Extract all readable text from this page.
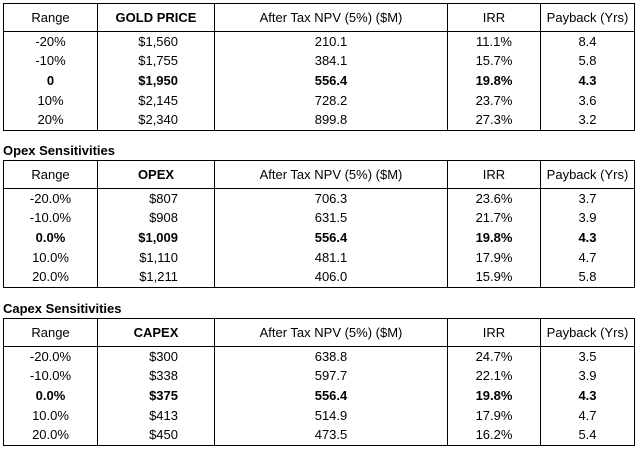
Range	GOLD PRICE	After Tax NPV (5%) ($M)	IRR	Payback (Yrs)
-20%	$1,560	210.1	11.1%	8.4
-10%	$1,755	384.1	15.7%	5.8
0	$1,950	556.4	19.8%	4.3
10%	$2,145	728.2	23.7%	3.6
20%	$2,340	899.8	27.3%	3.2
Opex Sensitivities
Range	OPEX	After Tax NPV (5%) ($M)	IRR	Payback (Yrs)
-20.0%	$807	706.3	23.6%	3.7
-10.0%	$908	631.5	21.7%	3.9
0.0%	$1,009	556.4	19.8%	4.3
10.0%	$1,110	481.1	17.9%	4.7
20.0%	$1,211	406.0	15.9%	5.8
Capex Sensitivities
Range	CAPEX	After Tax NPV (5%) ($M)	IRR	Payback (Yrs)
-20.0%	$300	638.8	24.7%	3.5
-10.0%	$338	597.7	22.1%	3.9
0.0%	$375	556.4	19.8%	4.3
10.0%	$413	514.9	17.9%	4.7
20.0%	$450	473.5	16.2%	5.4
